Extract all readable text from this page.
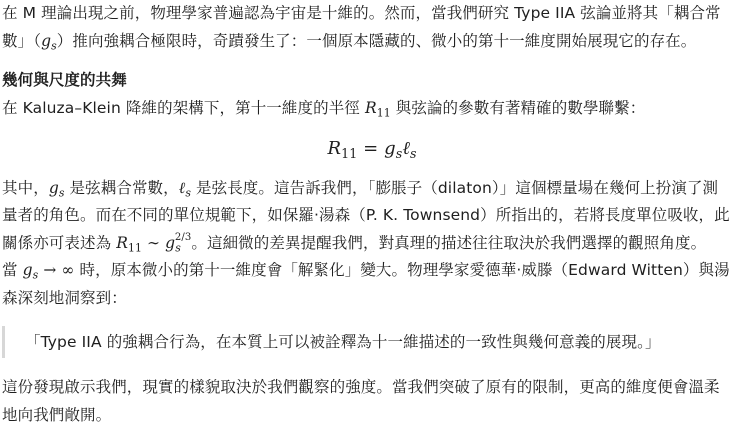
在 M 理論出現之前，物理學家普遍認為宇宙是十維的。然而，當我們研究 Type IIA 弦論並將其「耦合常
數」$(g_s)$推向強耦合極限時，奇蹟發生了：一個原本隱藏的、微小的第十一維度開始展現它的存在。

幾何與尺度的共舞

在 Kaluza–Klein 降維的架構下，第十一維度的半徑 $R_{11}$ 與弦論的參數有著精確的數學聯繫：

$R_{11}$ = $g_s\ell_s$

其中，$g_s$ 是弦耦合常數，ℓ$_s$ 是弦長度。這告訴我們，「膨脹子（dilaton）」這個標量場在幾何上扮演了測
量者的角色。而在不同的單位規範下，如保羅·湯森（P. K. Townsend）所指出的，若將長度單位吸收，此
關係亦可表述為 $R_{11}$ ∼ $g_s^{2/3}$。這細微的差異提醒我們，對真理的描述往往取決於我們選擇的觀照角度。

當 $g_s$ → ∞ 時，原本微小的第十一維度會「解緊化」變大。物理學家愛德華·威滕（Edward Witten）與湯
森深刻地洞察到：

「Type IIA 的強耦合行為，在本質上可以被詮釋為十一維描述的一致性與幾何意義的展現。」

這份發現啟示我們，現實的樣貌取決於我們觀察的強度。當我們突破了原有的限制，更高的維度便會溫柔
地向我們敞開。
